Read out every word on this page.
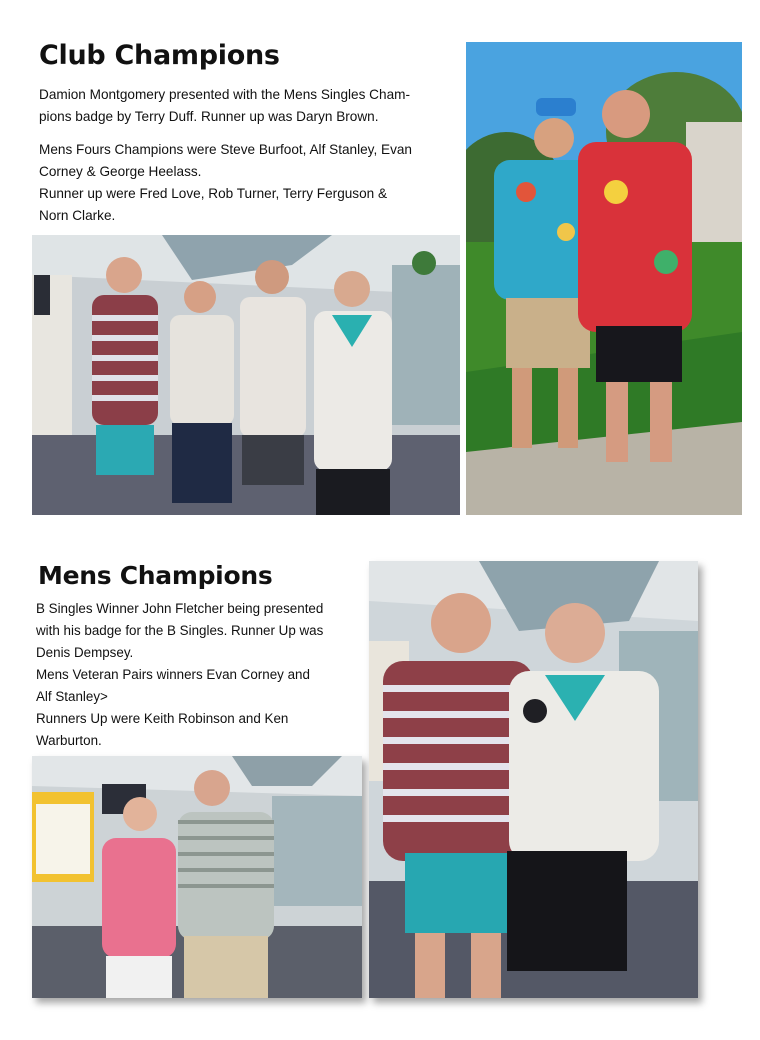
Club Champions
Damion Montgomery presented with the Mens Singles Cham-
pions badge by Terry Duff. Runner up was Daryn Brown.
Mens Fours Champions were Steve Burfoot, Alf Stanley, Evan
Corney & George Heelass.
Runner up were Fred Love, Rob Turner, Terry Ferguson &
Norn Clarke.
Mens Champions
B Singles Winner John Fletcher being presented
with his badge for the B Singles. Runner Up was
Denis Dempsey.
Mens Veteran Pairs winners Evan Corney and
Alf Stanley>
Runners Up were Keith Robinson and Ken
Warburton.
